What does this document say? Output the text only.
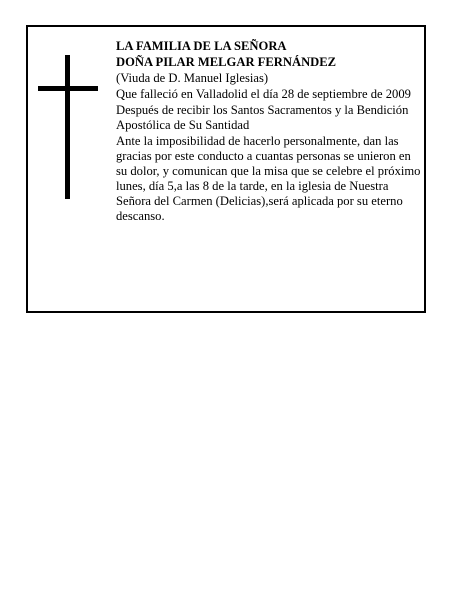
LA FAMILIA DE LA SEÑORA

DOÑA PILAR MELGAR FERNÁNDEZ

(Viuda de D. Manuel Iglesias)

Que falleció en Valladolid el día 28 de septiembre de 2009

Después de recibir los Santos Sacramentos y la Bendición Apostólica de Su Santidad

Ante la imposibilidad de hacerlo personalmente, dan las gracias por este conducto a cuantas personas se unieron en su dolor, y comunican que la misa que se celebre el próximo lunes, día 5,a las 8 de la tarde, en la iglesia de Nuestra Señora del Carmen (Delicias),será aplicada por su eterno descanso.
